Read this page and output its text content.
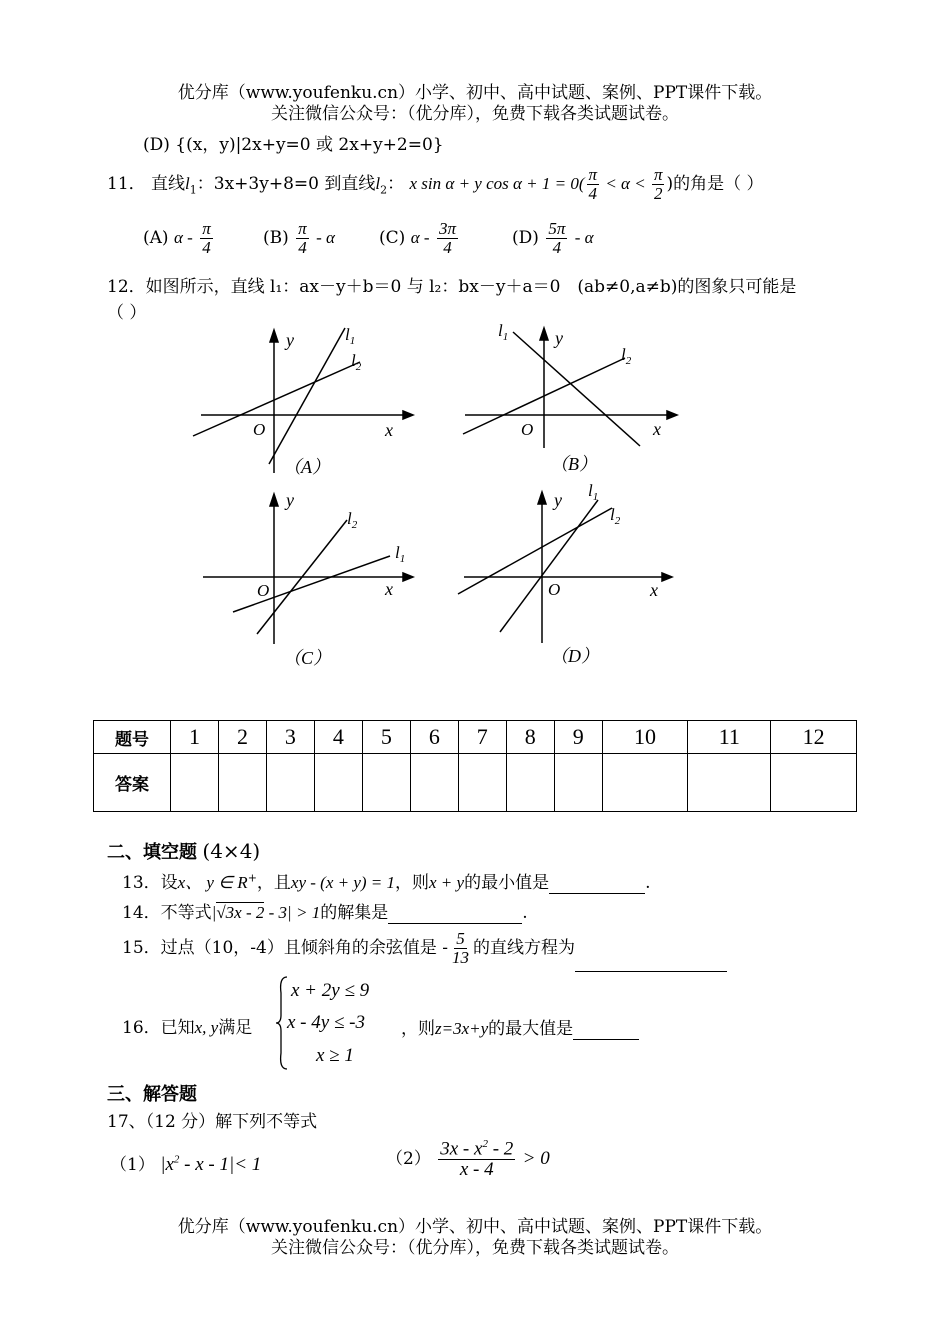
优分库（www.youfenku.cn）小学、初中、高中试题、案例、PPT课件下载。
关注微信公众号：（优分库），免费下载各类试题试卷。
(D) {(x，y)|2x+y=0 或 2x+y+2=0}
11． 直线$l_1$：3x+3y+8=0 到直线$l_2$： x sin α + y $\cos \alpha + 1 = 0( \frac{\pi}{4} < \alpha < \frac{\pi}{2}$ )的角是（ ）
(A) α - $\frac{\pi}{4}$	$(B) \frac{\pi}{4}$ - α	(C) α - $\frac{3\pi}{4}$	$(D) \frac{5\pi}{4}$ - α
12．如图所示，直线 l₁：ax－y＋b＝0 与 l₂：bx－y＋a＝0　(ab≠0,a≠b)的图象只可能是
（ ）
y
x
O
$l_1$
$l_2$
（A）
y
x
O
$l_1$
$l_2$
（B）
y
x
O
$l_1$
$l_2$
（C）
y
x
O
$l_1$
$l_2$
（D）
题号	1	2	3	4	5	6	7	8	9	10	11	12
答案												
二、填空题 (4×4)
13．设x、 y ∈ R+，且xy - (x + y) = 1，则x + y的最小值是	.
14．不等式|√3x - 2 - 3| > 1的解集是	.
15．过点（10，-4）且倾斜角的余弦值是 - $\frac{5}{13}$ 的直线方程为
16．已知x, y满足
x + 2y ≤ 9
x - 4y ≤ -3
x ≥ 1
，则z=3x+y的最大值是
三、解答题
17、（12 分）解下列不等式
（1） $|x^2 - x - 1|< 1$	$(2) \frac{3x - x^2 - 2}{x - 4} > 0$
优分库（www.youfenku.cn）小学、初中、高中试题、案例、PPT课件下载。
关注微信公众号：（优分库），免费下载各类试题试卷。
